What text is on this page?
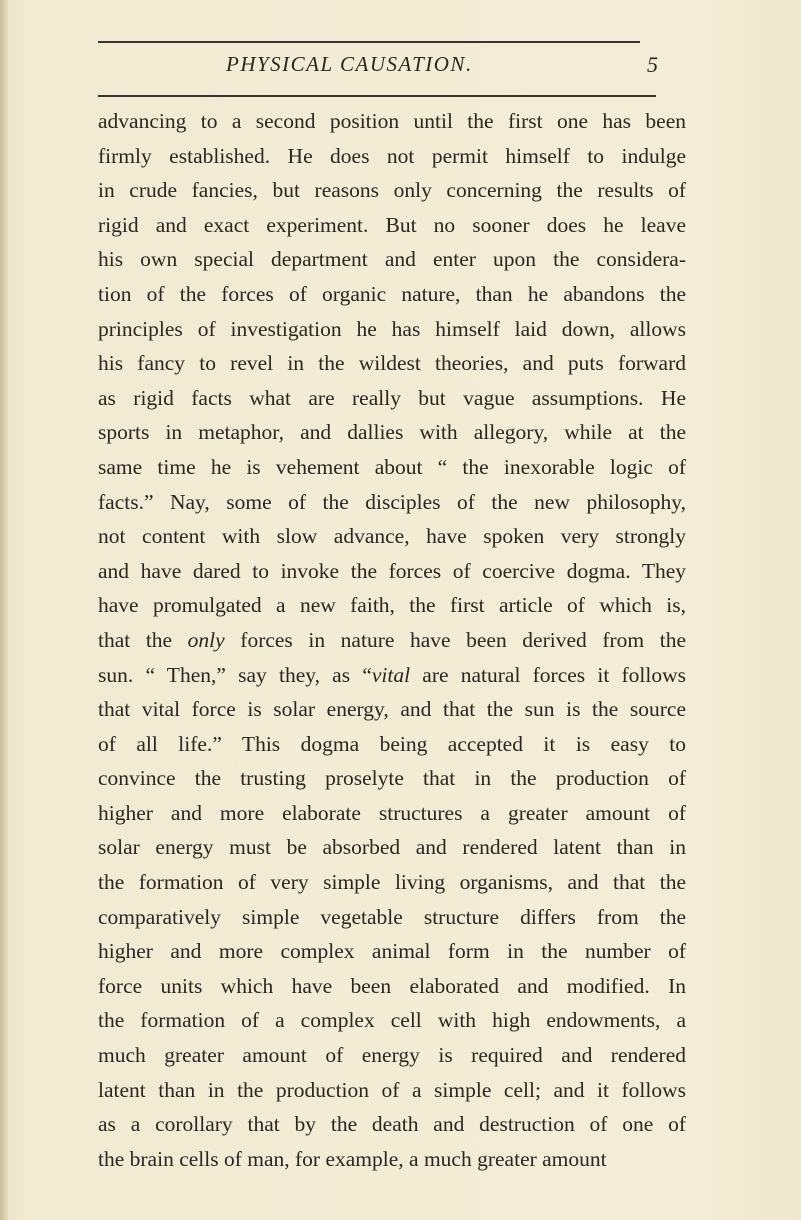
PHYSICAL CAUSATION.	5
advancing to a second position until the first one has been
firmly established. He does not permit himself to indulge
in crude fancies, but reasons only concerning the results of
rigid and exact experiment. But no sooner does he leave
his own special department and enter upon the considera-
tion of the forces of organic nature, than he abandons the
principles of investigation he has himself laid down, allows
his fancy to revel in the wildest theories, and puts forward
as rigid facts what are really but vague assumptions. He
sports in metaphor, and dallies with allegory, while at the
same time he is vehement about “ the inexorable logic of
facts.” Nay, some of the disciples of the new philosophy,
not content with slow advance, have spoken very strongly
and have dared to invoke the forces of coercive dogma. They
have promulgated a new faith, the first article of which is,
that the only forces in nature have been derived from the
sun. “ Then,” say they, as “vital are natural forces it follows
that vital force is solar energy, and that the sun is the source
of all life.” This dogma being accepted it is easy to
convince the trusting proselyte that in the production of
higher and more elaborate structures a greater amount of
solar energy must be absorbed and rendered latent than in
the formation of very simple living organisms, and that the
comparatively simple vegetable structure differs from the
higher and more complex animal form in the number of
force units which have been elaborated and modified. In
the formation of a complex cell with high endowments, a
much greater amount of energy is required and rendered
latent than in the production of a simple cell; and it follows
as a corollary that by the death and destruction of one of
the brain cells of man, for example, a much greater amount
